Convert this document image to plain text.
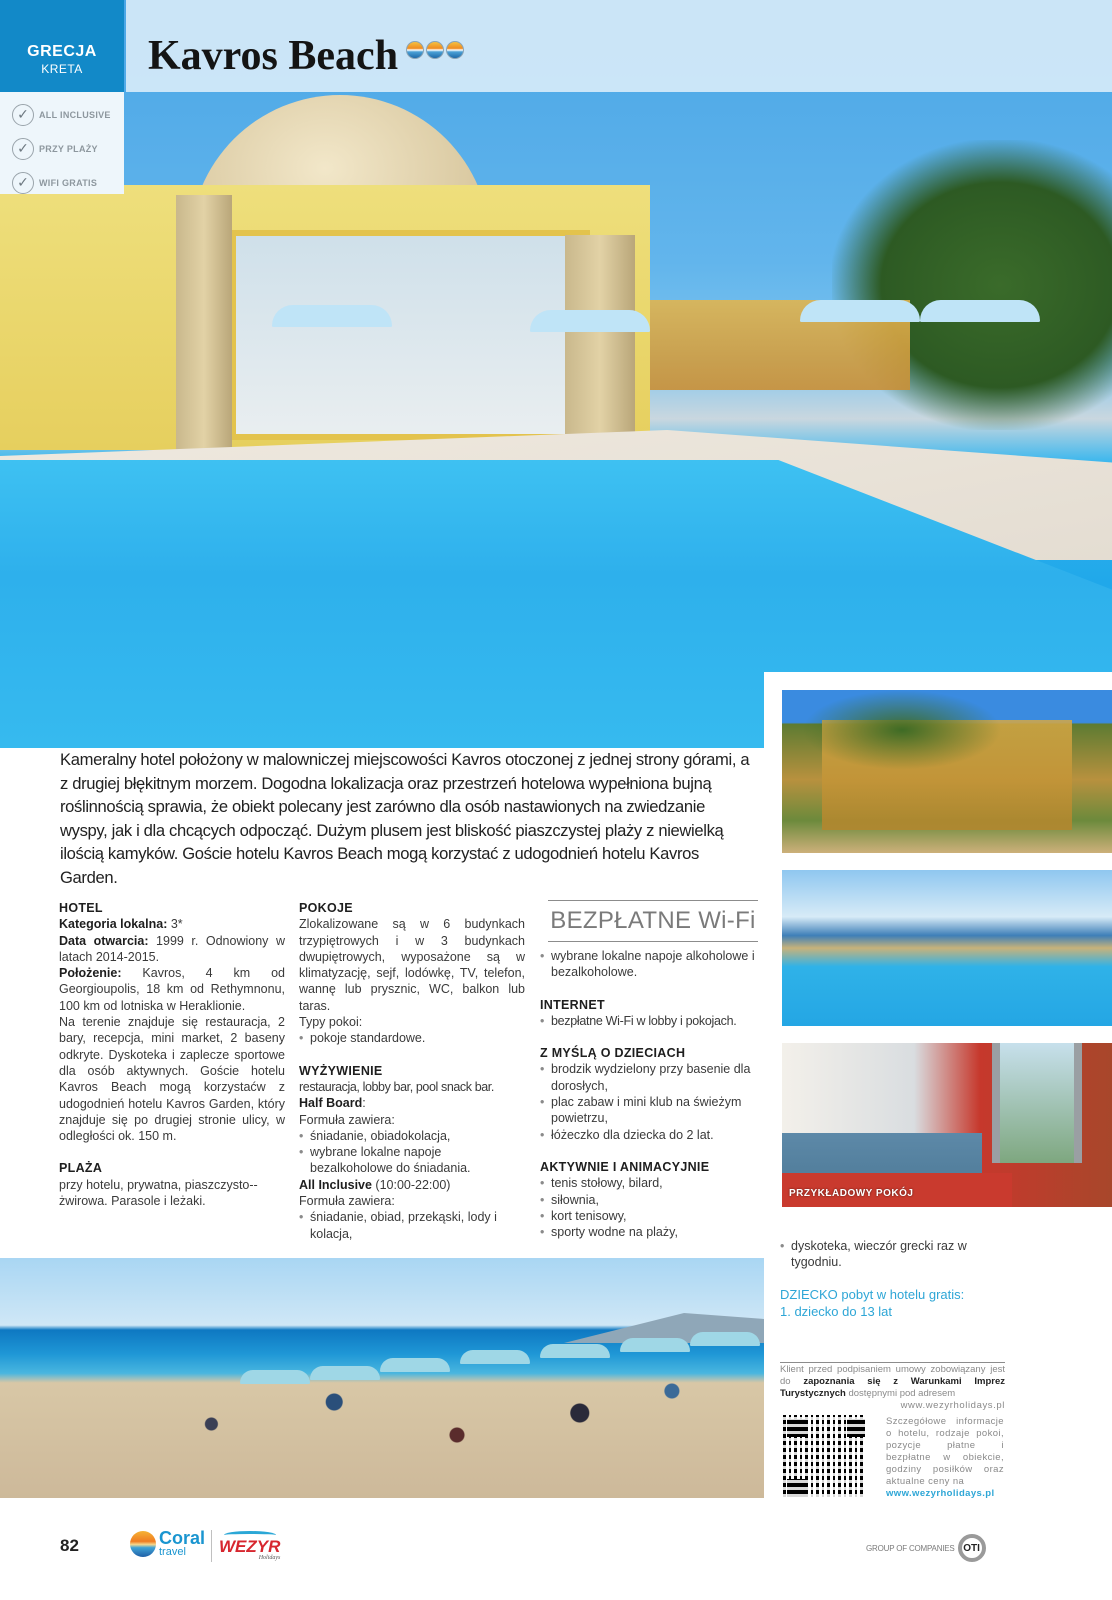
GRECJA
KRETA
✓	ALL INCLUSIVE
✓	PRZY PLAŻY
✓	WIFI GRATIS
Kavros Beach
PRZYKŁADOWY POKÓJ

Kameralny hotel położony w malowniczej miejscowości Kavros otoczonej z jednej strony górami, a z drugiej błękitnym morzem. Dogodna lokalizacja oraz przestrzeń hotelowa wypełniona bujną roślinnością sprawia, że obiekt polecany jest zarówno dla osób nastawionych na zwiedzanie wyspy, jak i dla chcących odpocząć. Dużym plusem jest bliskość piaszczystej plaży z niewielką ilością kamyków. Goście hotelu Kavros Beach mogą korzystać z udogodnień hotelu Kavros Garden.

HOTEL
Kategoria lokalna: 3*
Data otwarcia: 1999 r. Odnowiony w latach 2014-2015.
Położenie: Kavros, 4 km od Georgioupolis, 18 km od Rethymnonu, 100 km od lotniska w Heraklionie.
Na terenie znajduje się restauracja, 2 bary, recepcja, mini market, 2 baseny odkryte. Dyskoteka i zaplecze sportowe dla osób aktywnych. Goście hotelu Kavros Beach mogą korzystaćw z udogodnień hotelu Kavros Garden, który znajduje się po drugiej stronie ulicy, w odległości ok. 150 m.
PLAŻA
przy hotelu, prywatna, piaszczysto--żwirowa. Parasole i leżaki.
POKOJE
Zlokalizowane są w 6 budynkach trzypiętrowych i w 3 budynkach dwupiętrowych, wyposażone są w klimatyzację, sejf, lodówkę, TV, telefon, wannę lub prysznic, WC, balkon lub taras.
Typy pokoi:
• pokoje standardowe.
WYŻYWIENIE
restauracja, lobby bar, pool snack bar.
Half Board:
Formuła zawiera:
• śniadanie, obiadokolacja,
• wybrane lokalne napoje bezalkoholowe do śniadania.
All Inclusive (10:00-22:00)
Formuła zawiera:
• śniadanie, obiad, przekąski, lody i kolacja,
BEZPŁATNE Wi-Fi
• wybrane lokalne napoje alkoholowe i bezalkoholowe.
INTERNET
• bezpłatne Wi-Fi w lobby i pokojach.
Z MYŚLĄ O DZIECIACH
• brodzik wydzielony przy basenie dla dorosłych,
• plac zabaw i mini klub na świeżym powietrzu,
• łóżeczko dla dziecka do 2 lat.
AKTYWNIE I ANIMACYJNIE
• tenis stołowy, bilard,
• siłownia,
• kort tenisowy,
• sporty wodne na plaży,
• dyskoteka, wieczór grecki raz w tygodniu.
DZIECKO pobyt w hotelu gratis:
1. dziecko do 13 lat
Klient przed podpisaniem umowy zobowiązany jest do zapoznania się z Warunkami Imprez Turystycznych dostępnymi pod adresem
www.wezyrholidays.pl
Szczegółowe informacje o hotelu, rodzaje pokoi, pozycje płatne i bezpłatne w obiekcie, godziny posiłków oraz aktualne ceny na
www.wezyrholidays.pl
82	Coral
travel	WEZYR
Holidays
GROUP OF COMPANIES OTI
